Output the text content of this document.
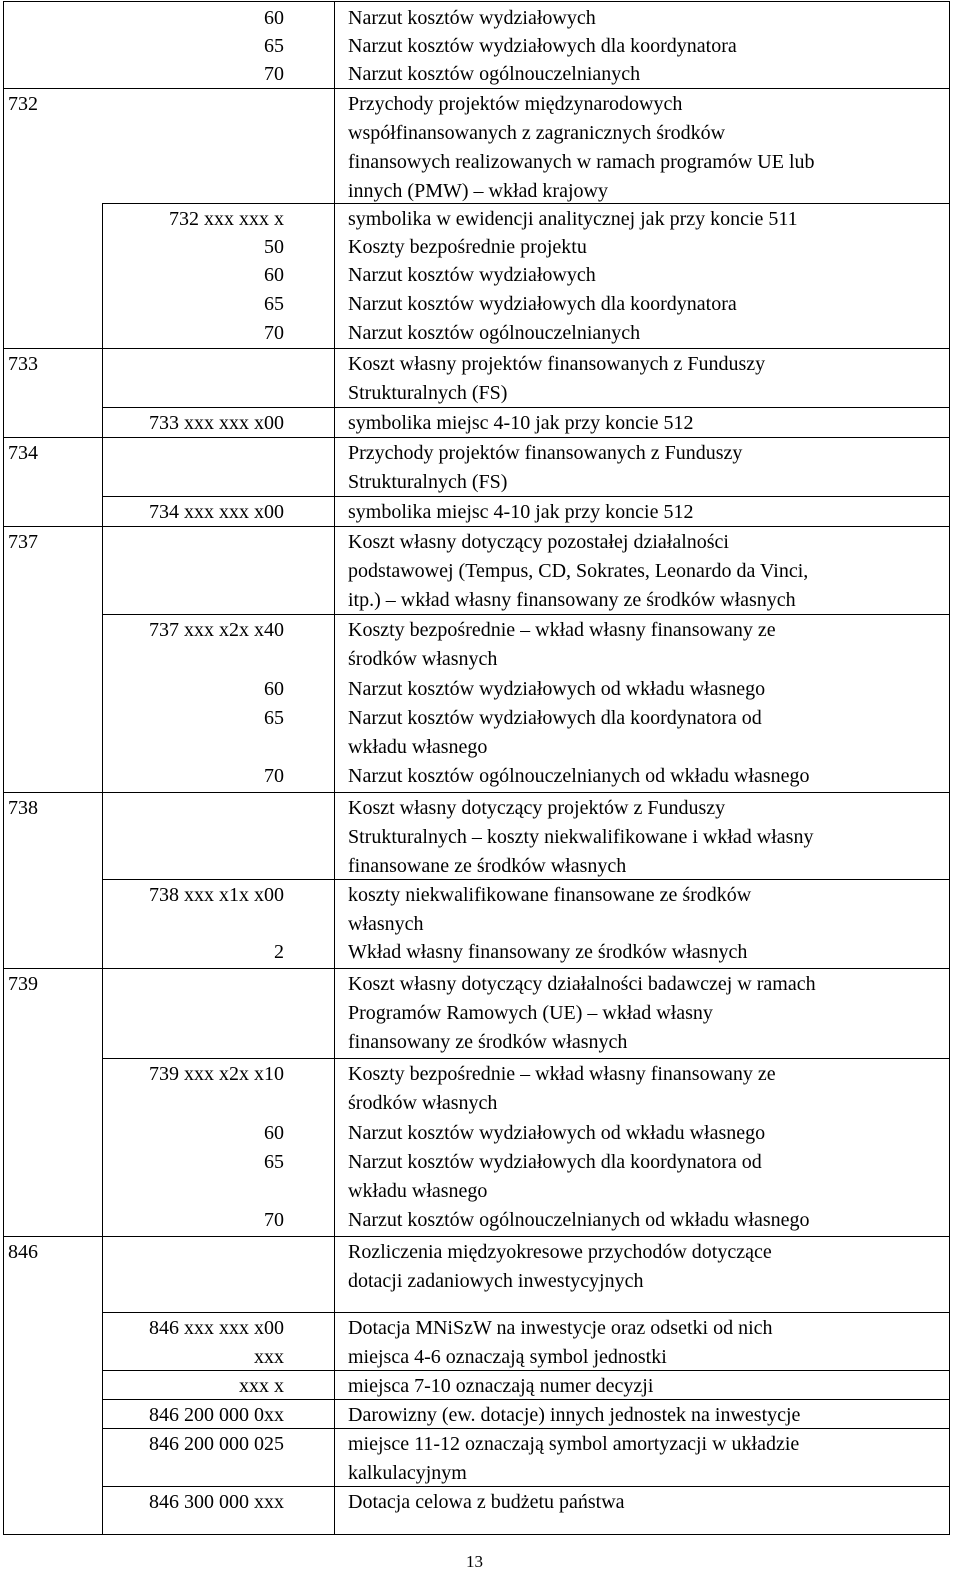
60	Narzut kosztów wydziałowych
65	Narzut kosztów wydziałowych dla koordynatora
70	Narzut kosztów ogólnouczelnianych
732	Przychody projektów międzynarodowych
współfinansowanych z zagranicznych środków
finansowych realizowanych w ramach programów UE lub
innych (PMW) – wkład krajowy
732 xxx xxx x	symbolika w ewidencji analitycznej jak przy koncie 511
50	Koszty bezpośrednie projektu
60	Narzut kosztów wydziałowych
65	Narzut kosztów wydziałowych dla koordynatora
70	Narzut kosztów ogólnouczelnianych
733	Koszt własny projektów finansowanych z Funduszy
Strukturalnych (FS)
733 xxx xxx x00	symbolika miejsc 4-10 jak przy koncie 512
734	Przychody projektów finansowanych z Funduszy
Strukturalnych (FS)
734 xxx xxx x00	symbolika miejsc 4-10 jak przy koncie 512
737	Koszt własny dotyczący pozostałej działalności
podstawowej (Tempus, CD, Sokrates, Leonardo da Vinci,
itp.) – wkład własny finansowany ze środków własnych
737 xxx x2x x40	Koszty bezpośrednie – wkład własny finansowany ze
środków własnych
60	Narzut kosztów wydziałowych od wkładu własnego
65	Narzut kosztów wydziałowych dla koordynatora od
wkładu własnego
70	Narzut kosztów ogólnouczelnianych od wkładu własnego
738	Koszt własny dotyczący projektów z Funduszy
Strukturalnych – koszty niekwalifikowane i wkład własny
finansowane ze środków własnych
738 xxx x1x x00	koszty niekwalifikowane finansowane ze środków
własnych
2	Wkład własny finansowany ze środków własnych
739	Koszt własny dotyczący działalności badawczej w ramach
Programów Ramowych (UE) – wkład własny
finansowany ze środków własnych
739 xxx x2x x10	Koszty bezpośrednie – wkład własny finansowany ze
środków własnych
60	Narzut kosztów wydziałowych od wkładu własnego
65	Narzut kosztów wydziałowych dla koordynatora od
wkładu własnego
70	Narzut kosztów ogólnouczelnianych od wkładu własnego
846	Rozliczenia międzyokresowe przychodów dotyczące
dotacji zadaniowych inwestycyjnych
846 xxx xxx x00	Dotacja MNiSzW na inwestycje oraz odsetki od nich
xxx	miejsca 4-6 oznaczają symbol jednostki
xxx x	miejsca 7-10 oznaczają numer decyzji
846 200 000 0xx	Darowizny (ew. dotacje) innych jednostek na inwestycje
846 200 000 025	miejsce 11-12 oznaczają symbol amortyzacji w układzie
kalkulacyjnym
846 300 000 xxx	Dotacja celowa z budżetu państwa
13
